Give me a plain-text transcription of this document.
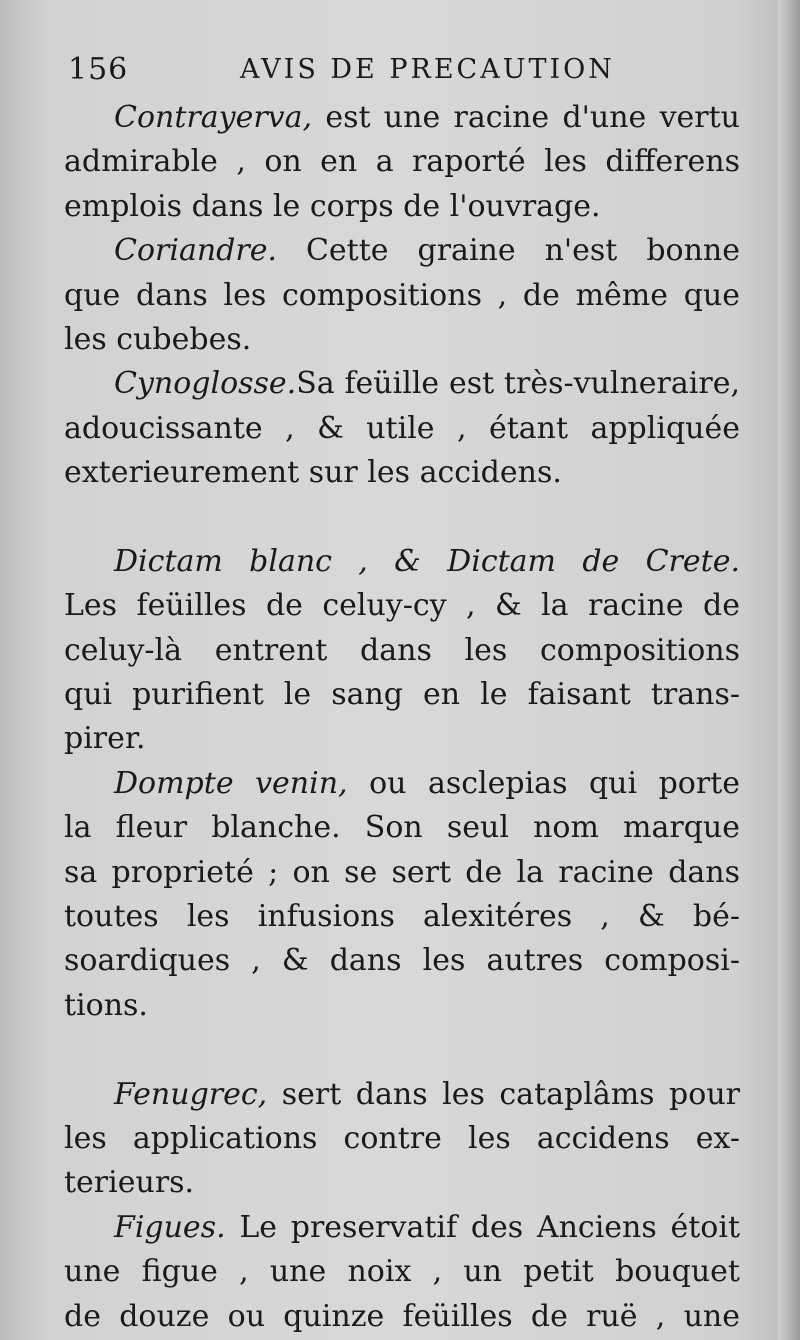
156	AVIS DE PRECAUTION
Contrayerva, est une racine d'une vertu
admirable , on en a raporté les differens
emplois dans le corps de l'ouvrage.
Coriandre. Cette graine n'est bonne
que dans les compositions , de même que
les cubebes.
Cynoglosse.Sa feüille est très-vulneraire,
adoucissante , & utile , étant appliquée
exterieurement sur les accidens.
Dictam blanc , & Dictam de Crete.
Les feüilles de celuy-cy , & la racine de
celuy-là entrent dans les compositions
qui purifient le sang en le faisant trans-
pirer.
Dompte venin, ou asclepias qui porte
la fleur blanche. Son seul nom marque
sa proprieté ; on se sert de la racine dans
toutes les infusions alexitéres , & bé-
soardiques , & dans les autres composi-
tions.
Fenugrec, sert dans les cataplâms pour
les applications contre les accidens ex-
terieurs.
Figues. Le preservatif des Anciens étoit
une figue , une noix , un petit bouquet
de douze ou quinze feüilles de ruë , une
